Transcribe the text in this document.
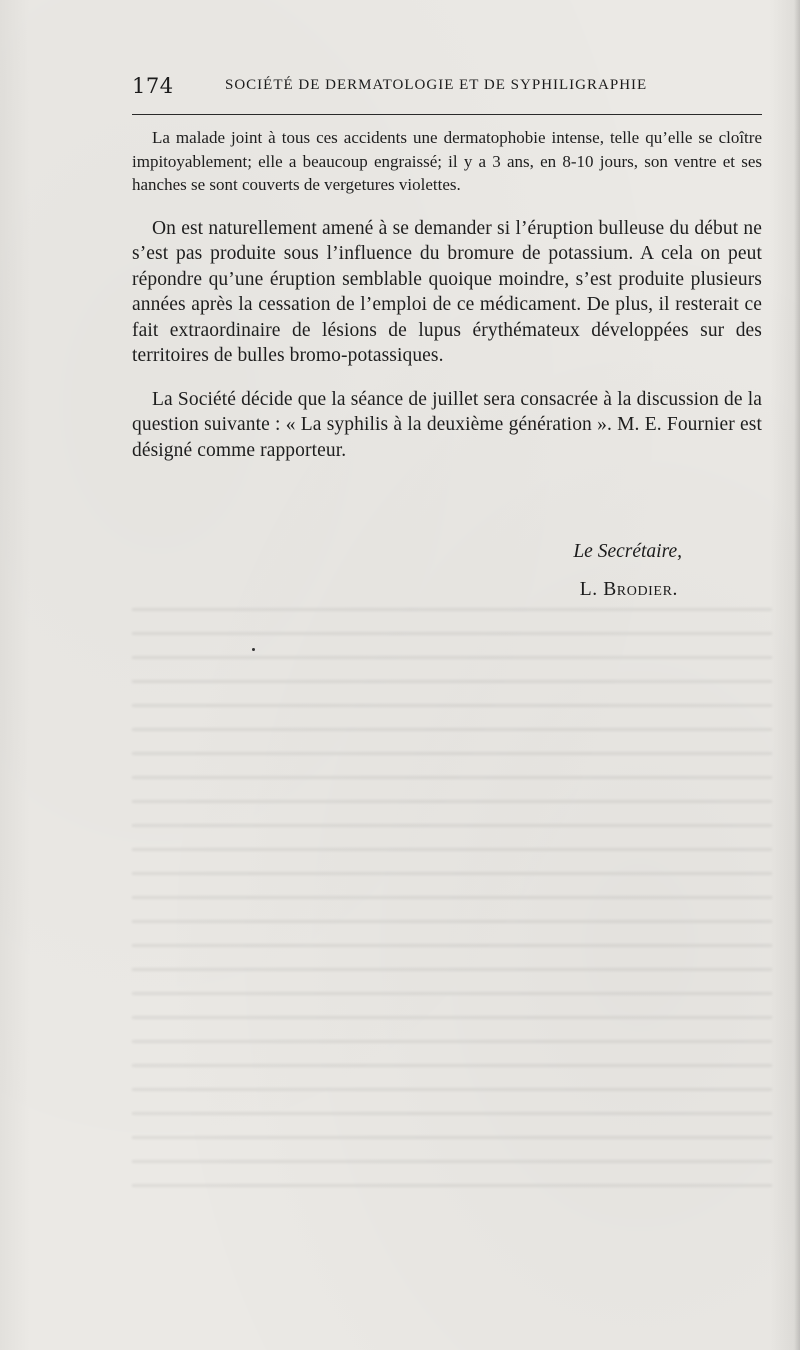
174	SOCIÉTÉ DE DERMATOLOGIE ET DE SYPHILIGRAPHIE

La malade joint à tous ces accidents une dermatophobie intense, telle qu’elle se cloître impitoyablement; elle a beaucoup engraissé; il y a 3 ans, en 8-10 jours, son ventre et ses hanches se sont couverts de vergetures violettes.

On est naturellement amené à se demander si l’éruption bulleuse du début ne s’est pas produite sous l’influence du bromure de potassium. A cela on peut répondre qu’une éruption semblable quoique moindre, s’est produite plusieurs années après la cessation de l’emploi de ce médicament. De plus, il resterait ce fait extraordinaire de lésions de lupus érythémateux développées sur des territoires de bulles bromo-potassiques.

La Société décide que la séance de juillet sera consacrée à la discussion de la question suivante : « La syphilis à la deuxième génération ». M. E. Fournier est désigné comme rapporteur.

Le Secrétaire,
L. Brodier.
